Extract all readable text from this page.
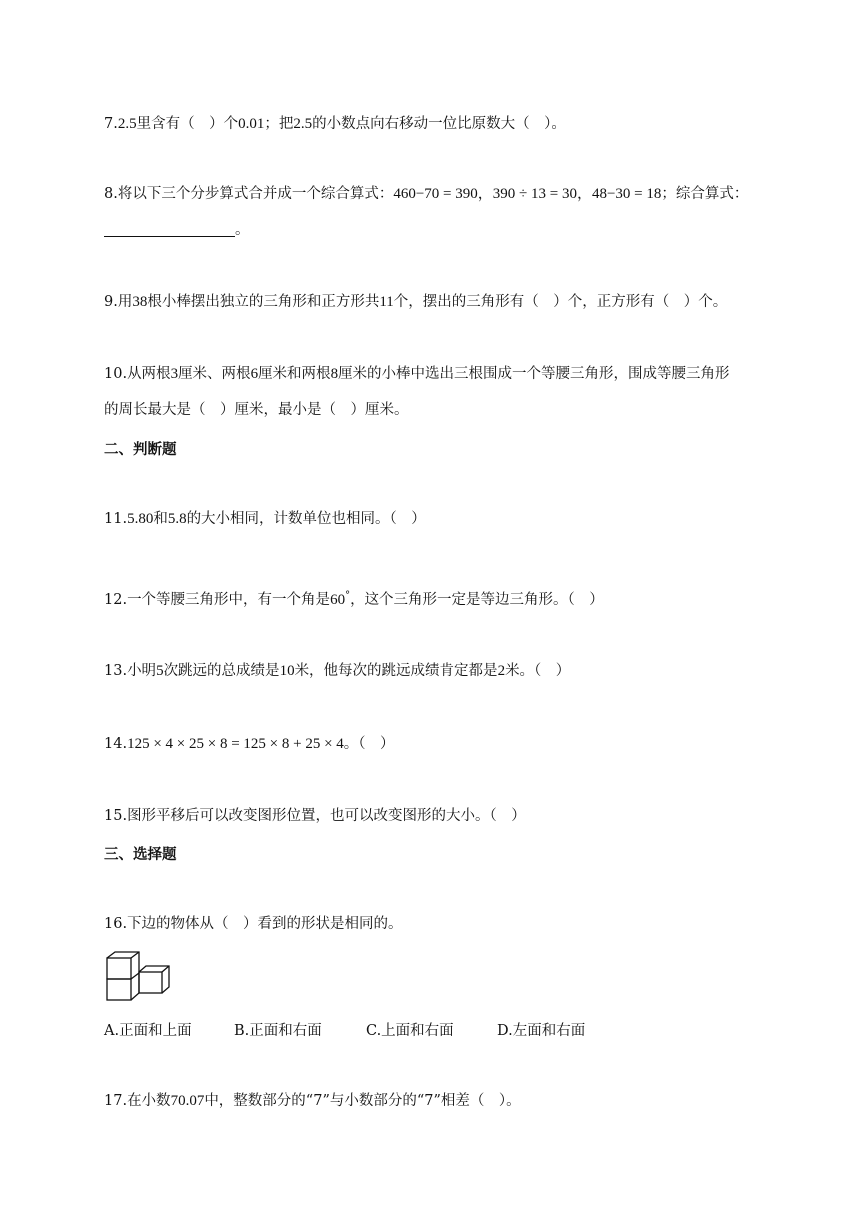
7.2.5里含有（　）个0.01；把2.5的小数点向右移动一位比原数大（　）。
8.将以下三个分步算式合并成一个综合算式：460−70 = 390，390 ÷ 13 = 30，48−30 = 18；综合算式：
。
9.用38根小棒摆出独立的三角形和正方形共11个，摆出的三角形有（　）个，正方形有（　）个。
10.从两根3厘米、两根6厘米和两根8厘米的小棒中选出三根围成一个等腰三角形，围成等腰三角形
的周长最大是（　）厘米，最小是（　）厘米。
二、判断题
11.5.80和5.8的大小相同，计数单位也相同。（　）
12.一个等腰三角形中，有一个角是60°，这个三角形一定是等边三角形。（　）
13.小明5次跳远的总成绩是10米，他每次的跳远成绩肯定都是2米。（　）
14.125 × 4 × 25 × 8 = 125 × 8 + 25 × 4。（　）
15.图形平移后可以改变图形位置，也可以改变图形的大小。（　）
三、选择题
16.下边的物体从（　）看到的形状是相同的。
A.正面和上面	B.正面和右面	C.上面和右面	D.左面和右面
17.在小数70.07中，整数部分的“7”与小数部分的“7”相差（　）。
